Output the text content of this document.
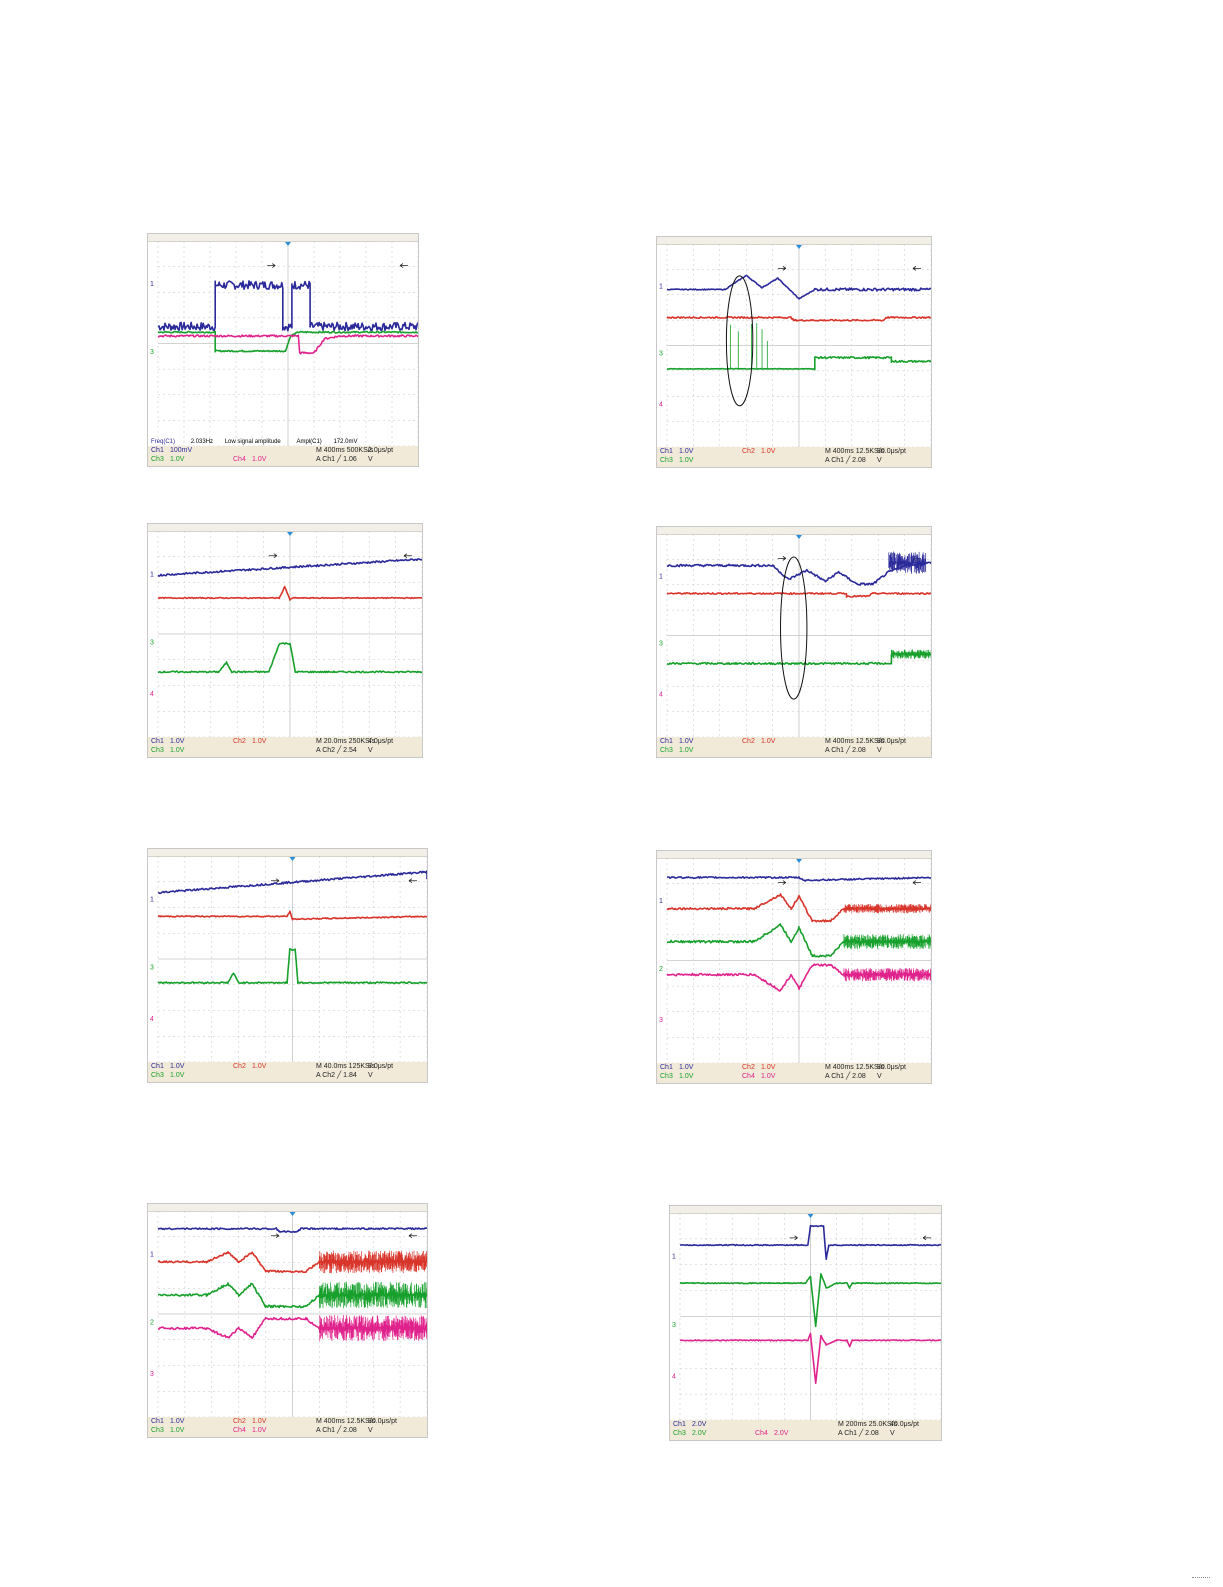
1
3
Freq(C1)	2.033Hz Low signal amplitude	Ampl(C1) 172.0mV
Ch1 100mV	M 400ms 500KS/s
2.0μs/pt
Ch3 1.0V	Ch4 1.0V	A Ch1 ╱ 1.06 V
1
3
4
Ch1 1.0V	Ch2 1.0V	M 400ms 12.5KS/s
80.0μs/pt
Ch3 1.0V	A Ch1 ╱ 2.08 V
1
3
4
Ch1 1.0V	Ch2 1.0V	M 20.0ms 250KS/s
4.0μs/pt
Ch3 1.0V	A Ch2 ╱ 2.54 V
1
3
4
Ch1 1.0V	Ch2 1.0V	M 400ms 12.5KS/s
80.0μs/pt
Ch3 1.0V	A Ch1 ╱ 2.08 V
1
3
4
Ch1 1.0V	Ch2 1.0V	M 40.0ms 125KS/s
8.0μs/pt
Ch3 1.0V	A Ch2 ╱ 1.84 V
1
2
3
Ch1 1.0V	Ch2 1.0V	M 400ms 12.5KS/s
80.0μs/pt
Ch3 1.0V	Ch4 1.0V	A Ch1 ╱ 2.08 V
1
2
3
Ch1 1.0V	Ch2 1.0V	M 400ms 12.5KS/s
80.0μs/pt
Ch3 1.0V	Ch4 1.0V	A Ch1 ╱ 2.08 V
1
3
4
Ch1 2.0V	M 200ms 25.0KS/s
40.0μs/pt
Ch3 2.0V	Ch4 2.0V	A Ch1 ╱ 2.08 V
